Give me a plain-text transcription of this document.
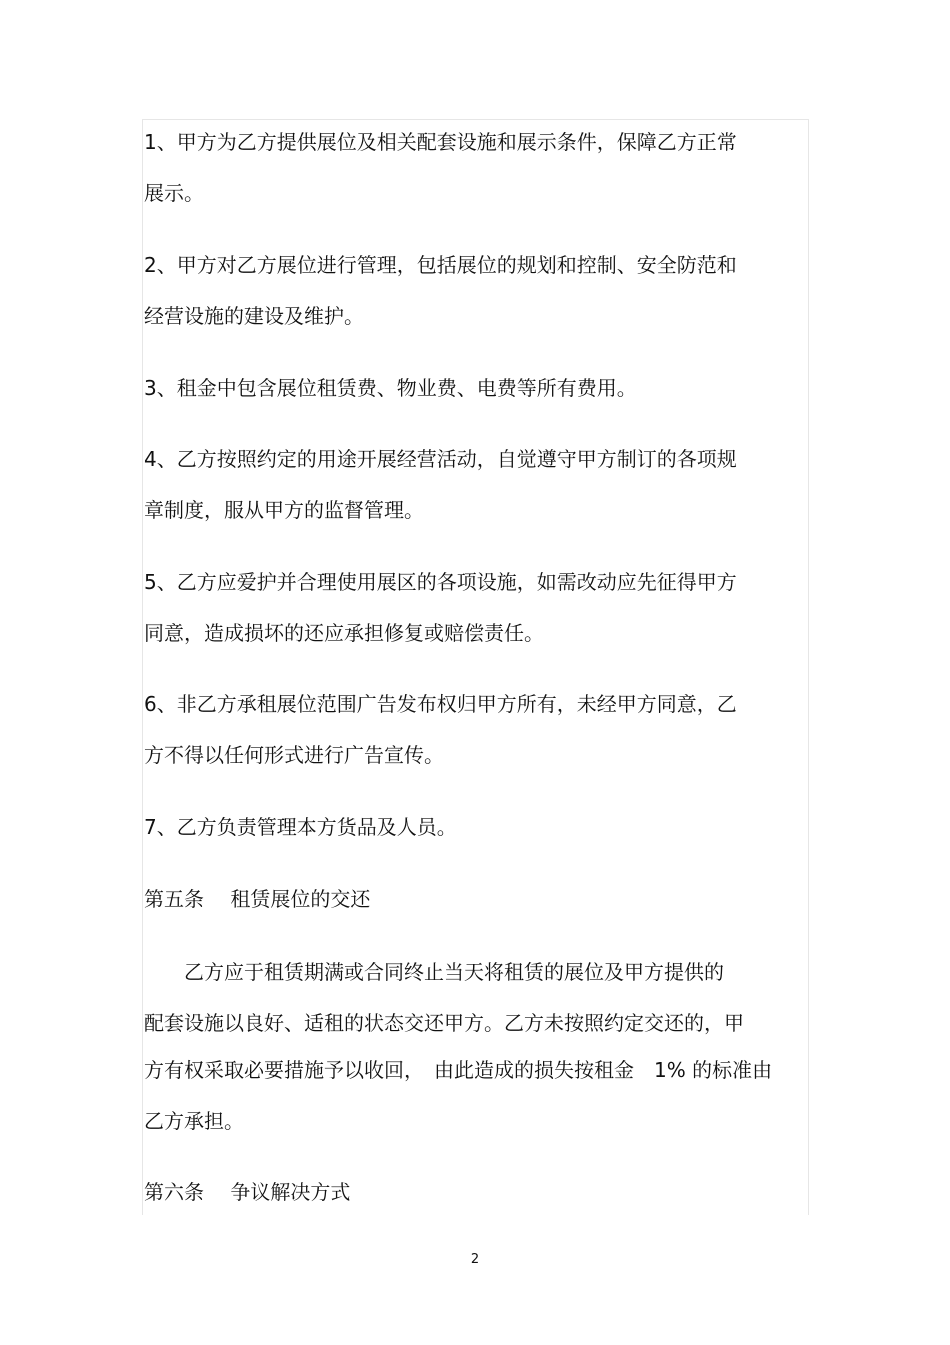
1、甲方为乙方提供展位及相关配套设施和展示条件，保障乙方正常
展示。
2、甲方对乙方展位进行管理，包括展位的规划和控制、安全防范和
经营设施的建设及维护。
3、租金中包含展位租赁费、物业费、电费等所有费用。
4、乙方按照约定的用途开展经营活动，自觉遵守甲方制订的各项规
章制度，服从甲方的监督管理。
5、乙方应爱护并合理使用展区的各项设施，如需改动应先征得甲方
同意，造成损坏的还应承担修复或赔偿责任。
6、非乙方承租展位范围广告发布权归甲方所有，未经甲方同意，乙
方不得以任何形式进行广告宣传。
7、乙方负责管理本方货品及人员。
第五条　 租赁展位的交还
　　乙方应于租赁期满或合同终止当天将租赁的展位及甲方提供的
配套设施以良好、适租的状态交还甲方。乙方未按照约定交还的，甲
方有权采取必要措施予以收回，　由此造成的损失按租金　1% 的标准由
乙方承担。
第六条　 争议解决方式
2
